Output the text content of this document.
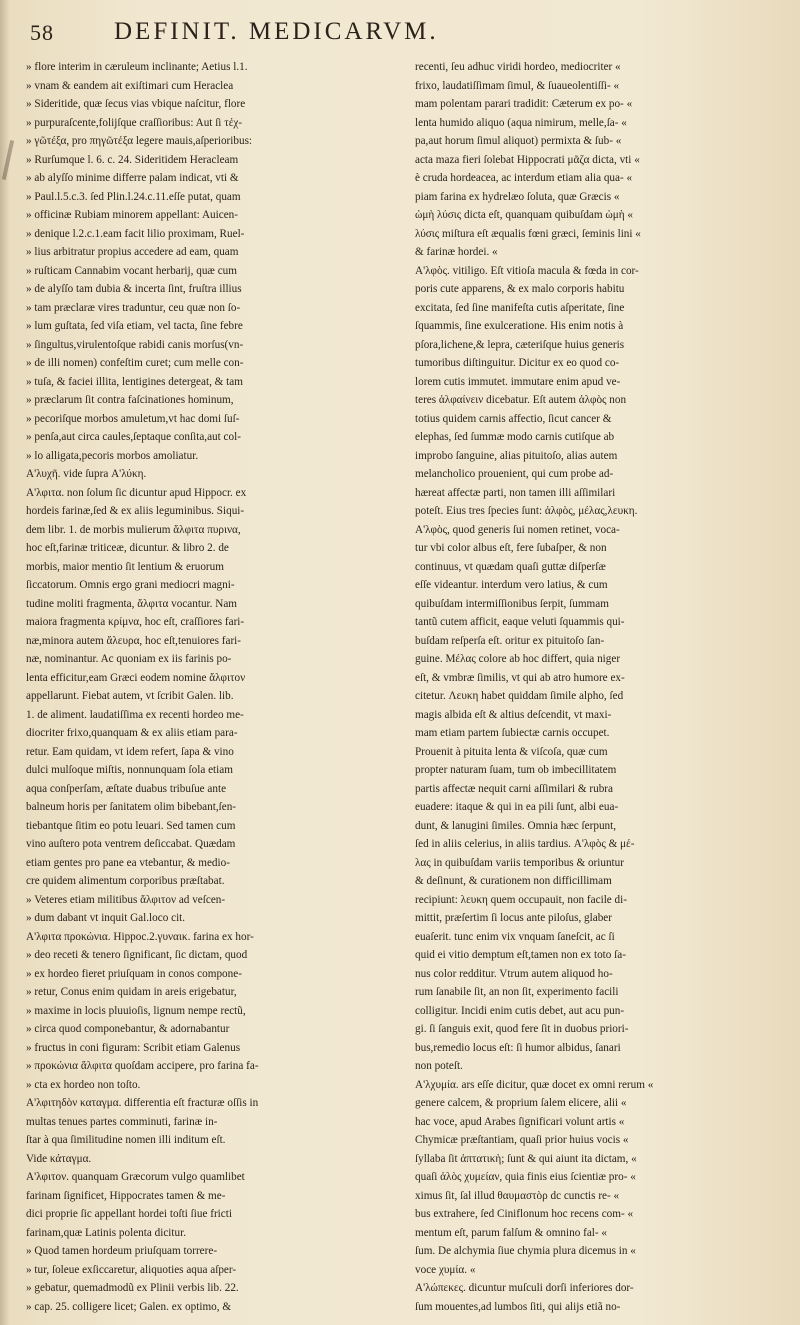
58 DEFINIT. MEDICARVM.
» flore interim in cæruleum inclinante; Aetius l.1.
» vnam & eandem ait exiſtimari cum Heraclea
» Sideritide, quæ ſecus vias vbique naſcitur, flore
» purpuraſcente,folijſque craſſioribus: Aut ſi τέχ-
» γῶτέξα, pro πηγῶτέξα legere mauis,aſperioribus:
» Rurſumque l. 6. c. 24. Sideritidem Heracleam
» ab alyſſo minime differre palam indicat, vti &
» Paul.l.5.c.3. ſed Plin.l.24.c.11.eſſe putat, quam
» officinæ Rubiam minorem appellant: Auicen-
» denique l.2.c.1.eam facit lilio proximam, Ruel-
» lius arbitratur propius accedere ad eam, quam
» ruſticam Cannabim vocant herbarij, quæ cum
» de alyſſo tam dubia & incerta ſint, fruſtra illius
» tam præclaræ vires traduntur, ceu quæ non ſo-
» lum guſtata, ſed viſa etiam, vel tacta, ſine febre
» ſingultus,virulentoſque rabidi canis morſus(vn-
» de illi nomen) confeſtim curet; cum melle con-
» tuſa, & faciei illita, lentigines detergeat, & tam
» præclarum ſit contra faſcinationes hominum,
» pecoriſque morbos amuletum,vt hac domi ſuſ-
» penſa,aut circa caules,ſeptaque conſita,aut col-
» lo alligata,pecoris morbos amoliatur.
Α'λυχῆ. vide ſupra Α'λύκη.
Α'λφιτα. non ſolum ſic dicuntur apud Hippocr. ex
hordeis farinæ,ſed & ex aliis leguminibus. Siqui-
dem libr. 1. de morbis mulierum ἄλφιτα πυρινα,
hoc eſt,farinæ triticeæ, dicuntur. & libro 2. de
morbis, maior mentio ſit lentium & eruorum
ſiccatorum. Omnis ergo grani mediocri magni-
tudine moliti fragmenta, ἄλφιτα vocantur. Nam
maiora fragmenta κρίμνα, hoc eſt, craſſiores fari-
næ,minora autem ἄλευρα, hoc eſt,tenuiores fari-
næ, nominantur. Ac quoniam ex iis farinis po-
lenta efficitur,eam Græci eodem nomine ἄλφιτον
appellarunt. Fiebat autem, vt ſcribit Galen. lib.
1. de aliment. laudatiſſima ex recenti hordeo me-
diocriter frixo,quanquam & ex aliis etiam para-
retur. Eam quidam, vt idem refert, ſapa & vino
dulci mulſoque miſtis, nonnunquam ſola etiam
aqua conſperſam, æſtate duabus tribuſue ante
balneum horis per ſanitatem olim bibebant,ſen-
tiebantque ſitim eo potu leuari. Sed tamen cum
vino auſtero pota ventrem deſiccabat. Quædam
etiam gentes pro pane ea vtebantur, & medio-
cre quidem alimentum corporibus præſtabat.
» Veteres etiam militibus ἄλφιτον ad veſcen-
» dum dabant vt inquit Gal.loco cit.
Α'λφιτα προκώνια. Hippoc.2.γυναικ. farina ex hor-
» deo receti & tenero ſignificant, ſic dictam, quod
» ex hordeo fieret priuſquam in conos compone-
» retur, Conus enim quidam in areis erigebatur,
» maxime in locis pluuioſis, lignum nempe rectũ,
» circa quod componebantur, & adornabantur
» fructus in coni figuram: Scribit etiam Galenus
» προκώνια ἄλφιτα quoſdam accipere, pro farina fa-
» cta ex hordeo non toſto.
Α'λφιτηδὸν καταγμα. differentia eſt fracturæ oſſis in
multas tenues partes comminuti, farinæ in-
ſtar à qua ſimilitudine nomen illi inditum eſt.
Vide κάταγμα.
Α'λφιτον. quanquam Græcorum vulgo quamlibet
farinam ſignificet, Hippocrates tamen & me-
dici proprie ſic appellant hordei toſti ſiue fricti
farinam,quæ Latinis polenta dicitur.
» Quod tamen hordeum priuſquam torrere-
» tur, ſoleue exſiccaretur, aliquoties aqua aſper-
» gebatur, quemadmodũ ex Plinii verbis lib. 22.
» cap. 25. colligere licet; Galen. ex optimo, &
recenti, ſeu adhuc viridi hordeo, mediocriter «
frixo, laudatiſſimam ſimul, & ſuaueolentiſſi- «
mam polentam parari tradidit: Cæterum ex po- «
lenta humido aliquo (aqua nimirum, melle,ſa- «
pa,aut horum ſimul aliquot) permixta & ſub- «
acta maza fieri ſolebat Hippocrati μᾶζα dicta, vti «
è cruda hordeacea, ac interdum etiam alia qua- «
piam farina ex hydrelæo ſoluta, quæ Græcis «
ὠμὴ λύσις dicta eſt, quanquam quibuſdam ὠμὴ «
λύσις miſtura eſt æqualis fœni græci, ſeminis lini «
& farinæ hordei. «
Α'λφὸς. vitiligo. Eſt vitioſa macula & fœda in cor-
poris cute apparens, & ex malo corporis habitu
excitata, ſed ſine manifeſta cutis aſperitate, ſine
ſquammis, ſine exulceratione. His enim notis à
pſora,lichene,& lepra, cæteriſque huius generis
tumoribus diſtinguitur. Dicitur ex eo quod co-
lorem cutis immutet. immutare enim apud ve-
teres ἀλφαίνειν dicebatur. Eſt autem ἀλφὸς non
totius quidem carnis affectio, ſicut cancer &
elephas, ſed ſummæ modo carnis cutiſque ab
improbo ſanguine, alias pituitoſo, alias autem
melancholico prouenient, qui cum probe ad-
hæreat affectæ parti, non tamen illi aſſimilari
poteſt. Eius tres ſpecies ſunt: ἀλφὸς, μέλας,λευκη.
Α'λφὸς, quod generis ſui nomen retinet, voca-
tur vbi color albus eſt, fere ſubaſper, & non
continuus, vt quædam quaſi guttæ diſperſæ
eſſe videantur. interdum vero latius, & cum
quibuſdam intermiſſionibus ſerpit, ſummam
tantũ cutem afficit, eaque veluti ſquammis qui-
buſdam reſperſa eſt. oritur ex pituitoſo ſan-
guine. Μέλας colore ab hoc differt, quia niger
eſt, & vmbræ ſimilis, vt qui ab atro humore ex-
citetur. Λευκη habet quiddam ſimile alpho, ſed
magis albida eſt & altius deſcendit, vt maxi-
mam etiam partem ſubiectæ carnis occupet.
Prouenit à pituita lenta & viſcoſa, quæ cum
propter naturam ſuam, tum ob imbecillitatem
partis affectæ nequit carni aſſimilari & rubra
euadere: itaque & qui in ea pili ſunt, albi eua-
dunt, & lanugini ſimiles. Omnia hæc ſerpunt,
ſed in aliis celerius, in aliis tardius. Α'λφὸς & μέ-
λας in quibuſdam variis temporibus & oriuntur
& deſinunt, & curationem non difficillimam
recipiunt: λευκη quem occupauit, non facile di-
mittit, præſertim ſi locus ante piloſus, glaber
euaſerit. tunc enim vix vnquam ſaneſcit, ac ſi
quid ei vitio demptum eſt,tamen non ex toto ſa-
nus color redditur. Vtrum autem aliquod ho-
rum ſanabile ſit, an non ſit, experimento facili
colligitur. Incidi enim cutis debet, aut acu pun-
gi. ſi ſanguis exit, quod fere ſit in duobus priori-
bus,remedio locus eſt: ſi humor albidus, ſanari
non poteſt.
Α'λχυμία. ars eſſe dicitur, quæ docet ex omni rerum «
genere calcem, & proprium ſalem elicere, alii «
hac voce, apud Arabes ſignificari volunt artis «
Chymicæ præſtantiam, quaſi prior huius vocis «
ſyllaba ſit ἀπτατικὴ; ſunt & qui aiunt ita dictam, «
quaſi ἀλὸς χυμείαν, quia finis eius ſcientiæ pro- «
ximus ſit, ſal illud θαυμαστὸρ dc cunctis re- «
bus extrahere, ſed Ciniflonum hoc recens com- «
mentum eſt, parum falſum & omnino fal- «
ſum. De alchymia ſiue chymia plura dicemus in «
voce χυμία. «
Α'λώπεκες. dicuntur muſculi dorſi inferiores dor-
ſum mouentes,ad lumbos ſiti, qui alijs etiã no-
